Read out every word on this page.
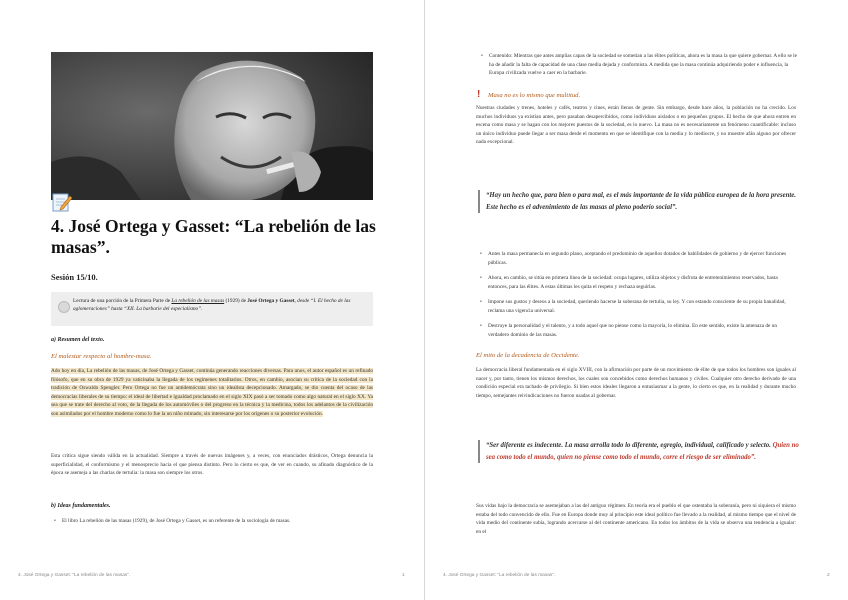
4. José Ortega y Gasset: “La rebelión de las masas”.
Sesión 15/10.
Lectura de una porción de la Primera Parte de La rebelión de las masas (1929) de José Ortega y Gasset, desde “I. El hecho de las aglomeraciones” hasta “XII. La barbarie del especialismo”.
a) Resumen del texto.
El malestar respecto al hombre-masa.
Ado hoy en día, La rebelión de las masas, de José Ortega y Gasset, continúa generando reacciones diversas. Para unos, el autor español es un refinado filósofo, que en su obra de 1929 ya vaticinaba la llegada de los regímenes totalitarios. Otros, en cambio, asocian su crítica de la sociedad con la tradición de Oswaldo Spengler. Pero Ortega no fue un antidemócrata sino un idealista decepcionado. Amargado, se dio cuenta del ocaso de las democracias liberales de su tiempo: el ideal de libertad e igualdad proclamado en el siglo XIX pasó a ser tomado como algo natural en el siglo XX. Ya sea que se trate del derecho al voto, de la llegada de los automóviles o del progreso en la técnica y la medicina, todos los adelantos de la civilización son asimilados por el hombre moderno como lo fue la un niño mimado, sin interesarse por los orígenes o su posterior evolución.
Esta crítica sigue siendo válida en la actualidad. Siempre a través de nuevas imágenes y, a veces, con enunciados drásticos, Ortega denuncia la superficialidad, el conformismo y el menosprecio hacia el que piensa distinto. Pero lo cierto es que, de ver en cuando, su afinado diagnóstico de la época se asemeja a las charlas de tertulia: la masa son siempre los otros.
b) Ideas fundamentales.
• El libro La rebelión de las masas (1929), de José Ortega y Gasset, es un referente de la sociología de masas.
4. José Ortega y Gasset: “La rebelión de las masas”.	1
• Contenido: Mientras que antes amplias capas de la sociedad se sometían a las élites políticas, ahora es la masa la que quiere gobernar. A ello se le ha de añadir la falta de capacidad de una clase media dejada y conformista. A medida que la masa continúa adquiriendo poder e influencia, la Europa civilizada vuelve a caer en la barbarie.
4. José Ortega y Gasset: “La rebelión de las masas”.	2
! Masa no es lo mismo que multitud.
Nuestras ciudades y trenes, hoteles y cafés, teatros y cines, están llenos de gente. Sin embargo, desde hace años, la población no ha crecido. Los muchos individuos ya existían antes, pero pasaban desapercibidos, como individuos aislados o en pequeños grupos. El hecho de que ahora entren en escena como masa y se hagan con los mejores puestos de la sociedad, es lo nuevo. La masa no es necesariamente un fenómeno cuantificable: incluso un único individuo puede llegar a ser masa desde el momento en que se identifique con la media y lo mediocre, y no muestre afán alguno por ofrecer nada excepcional.
“Hay un hecho que, para bien o para mal, es el más importante de la vida pública europea de la hora presente. Este hecho es el advenimiento de las masas al pleno poderío social”.
• Antes la masa permanecía en segundo plano, aceptando el predominio de aquellos dotados de habilidades de gobierno y de ejercer funciones públicas.
• Ahora, en cambio, se sitúa en primera línea de la sociedad: ocupa lugares, utiliza objetos y disfruta de entretenimientos reservados, hasta entonces, para las élites. A estas últimas les quita el respeto y rechaza seguirlas.
• Impone sus gustos y deseos a la sociedad, queriendo hacerse la soberana de tertulia, su ley. Y con estando consciente de su propia banalidad, reclama una vigencia universal.
• Destruye la personalidad y el talento, y a todo aquel que no piense como la mayoría, lo elimina. En este sentido, existe la amenaza de un verdadero dominio de las masas.
El mito de la decadencia de Occidente.
La democracia liberal fundamentada en el siglo XVIII, con la afirmación por parte de un movimiento de élite de que todos los hombres son iguales al nacer y, por tanto, tienen los mismos derechos, los cuales son concebidos como derechos humanos y civiles. Cualquier otro derecho derivado de una condición especial era tachado de privilegio. Si bien estos ideales llegaron a entusiasmar a la gente, lo cierto es que, en la realidad y durante mucho tiempo, semejantes reivindicaciones no fueron usadas al gobernar.
“Ser diferente es indecente. La masa arrolla todo lo diferente, egregio, individual, calificado y selecto. Quien no sea como todo el mundo, quien no piense como todo el mundo, corre el riesgo de ser eliminado”.
Sus vidas bajo la democracia se asemejaban a las del antiguo régimen. En teoría era el pueblo el que ostentaba la soberanía, pero ni siquiera el mismo estaba del todo convencido de ello. Fue en Europa donde muy al principio este ideal político fue llevado a la realidad, al mismo tiempo que el nivel de vida medio del continente subía, logrando acercarse al del continente americano. En todos los ámbitos de la vida se observa una tendencia a igualar: en el
